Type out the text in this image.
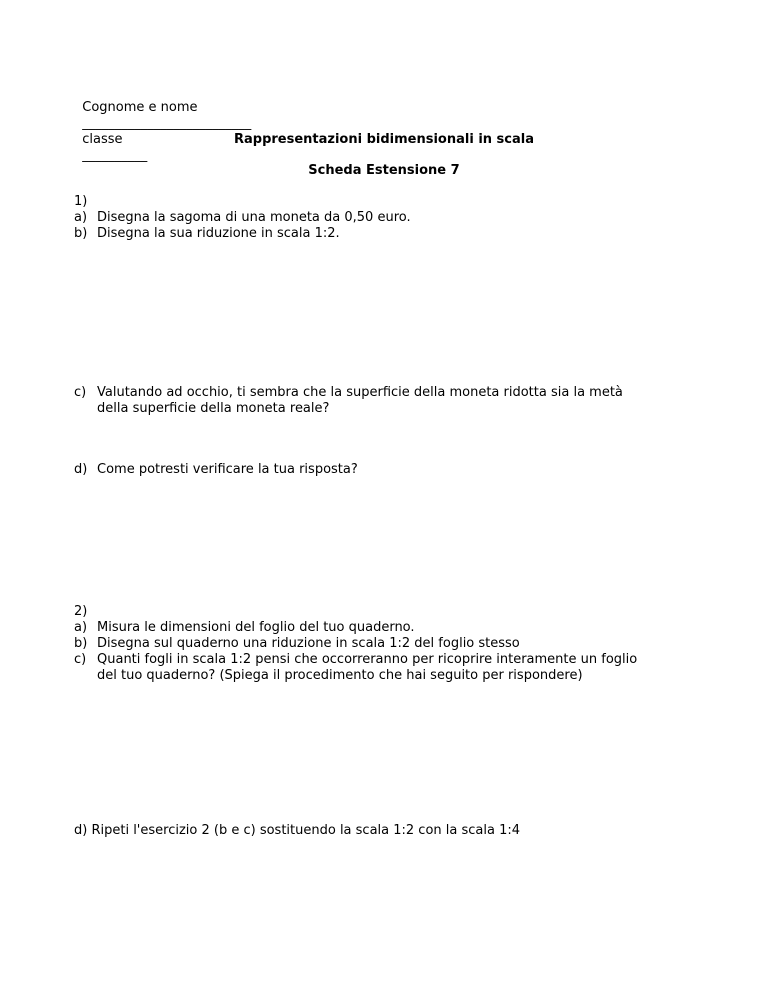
Cognome e nome
__________________________
classe
__________

Rappresentazioni bidimensionali in scala
Scheda Estensione 7
1)
a) Disegna la sagoma di una moneta da 0,50 euro.
b) Disegna la sua riduzione in scala 1:2.
c) Valutando ad occhio, ti sembra che la superficie della moneta ridotta sia la metà
della superficie della moneta reale?
d) Come potresti verificare la tua risposta?
2)
a) Misura le dimensioni del foglio del tuo quaderno.
b) Disegna sul quaderno una riduzione in scala 1:2 del foglio stesso
c) Quanti fogli in scala 1:2 pensi che occorreranno per ricoprire interamente un foglio
del tuo quaderno? (Spiega il procedimento che hai seguito per rispondere)
d) Ripeti l'esercizio 2 (b e c) sostituendo la scala 1:2 con la scala 1:4
